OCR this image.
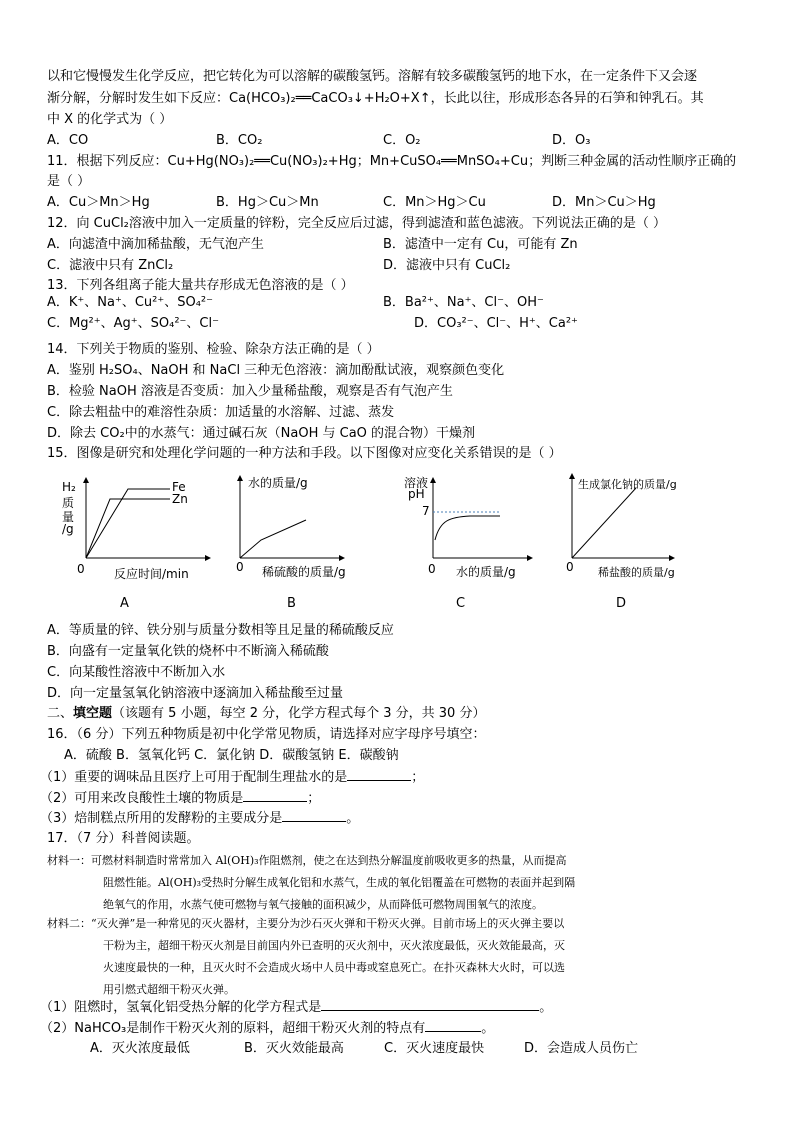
以和它慢慢发生化学反应，把它转化为可以溶解的碳酸氢钙。溶解有较多碳酸氢钙的地下水，在一定条件下又会逐
渐分解，分解时发生如下反应：Ca(HCO₃)₂══CaCO₃↓+H₂O+X↑，长此以往，形成形态各异的石笋和钟乳石。其
中 X 的化学式为（ ）
A．CO	B．CO₂	C．O₂	D．O₃
11．根据下列反应：Cu+Hg(NO₃)₂══Cu(NO₃)₂+Hg；Mn+CuSO₄══MnSO₄+Cu；判断三种金属的活动性顺序正确的
是（ ）
A．Cu＞Mn＞Hg	B．Hg＞Cu＞Mn	C．Mn＞Hg＞Cu	D．Mn＞Cu＞Hg
12．向 CuCl₂溶液中加入一定质量的锌粉，完全反应后过滤，得到滤渣和蓝色滤液。下列说法正确的是（ ）
A．向滤渣中滴加稀盐酸，无气泡产生	B．滤渣中一定有 Cu，可能有 Zn
C．滤液中只有 ZnCl₂	D．滤液中只有 CuCl₂
13．下列各组离子能大量共存形成无色溶液的是（ ）
A．K⁺、Na⁺、Cu²⁺、SO₄²⁻	B．Ba²⁺、Na⁺、Cl⁻、OH⁻
C．Mg²⁺、Ag⁺、SO₄²⁻、Cl⁻	D．CO₃²⁻、Cl⁻、H⁺、Ca²⁺
14．下列关于物质的鉴别、检验、除杂方法正确的是（ ）
A．鉴别 H₂SO₄、NaOH 和 NaCl 三种无色溶液：滴加酚酞试液，观察颜色变化
B．检验 NaOH 溶液是否变质：加入少量稀盐酸，观察是否有气泡产生
C．除去粗盐中的难溶性杂质：加适量的水溶解、过滤、蒸发
D．除去 CO₂中的水蒸气：通过碱石灰（NaOH 与 CaO 的混合物）干燥剂
15．图像是研究和处理化学问题的一种方法和手段。以下图像对应变化关系错误的是（ ）
H₂
质
量
/g
Fe
Zn
0 反应时间/min
A
水的质量/g
0 稀硫酸的质量/g
B
溶液
pH
7
0 水的质量/g
C
生成氯化钠的质量/g
0 稀盐酸的质量/g
D
A．等质量的锌、铁分别与质量分数相等且足量的稀硫酸反应
B．向盛有一定量氧化铁的烧杯中不断滴入稀硫酸
C．向某酸性溶液中不断加入水
D．向一定量氢氧化钠溶液中逐滴加入稀盐酸至过量
二、填空题（该题有 5 小题，每空 2 分，化学方程式每个 3 分，共 30 分）
16．（6 分）下列五种物质是初中化学常见物质，请选择对应字母序号填空：
A．硫酸 B．氢氧化钙 C．氯化钠 D．碳酸氢钠 E．碳酸钠
（1）重要的调味品且医疗上可用于配制生理盐水的是	；
（2）可用来改良酸性土壤的物质是	；
（3）焙制糕点所用的发酵粉的主要成分是	。
17．（7 分）科普阅读题。
材料一：可燃材料制造时常常加入 Al(OH)₃作阻燃剂，使之在达到热分解温度前吸收更多的热量，从而提高
阻燃性能。Al(OH)₃受热时分解生成氧化铝和水蒸气，生成的氧化铝覆盖在可燃物的表面并起到隔
绝氧气的作用，水蒸气使可燃物与氧气接触的面积减少，从而降低可燃物周围氧气的浓度。
材料二：“灭火弹”是一种常见的灭火器材，主要分为沙石灭火弹和干粉灭火弹。目前市场上的灭火弹主要以
干粉为主，超细干粉灭火剂是目前国内外已查明的灭火剂中，灭火浓度最低，灭火效能最高，灭
火速度最快的一种，且灭火时不会造成火场中人员中毒或窒息死亡。在扑灭森林大火时，可以选
用引燃式超细干粉灭火弹。
（1）阻燃时，氢氧化铝受热分解的化学方程式是	。
（2）NaHCO₃是制作干粉灭火剂的原料，超细干粉灭火剂的特点有	。
A．灭火浓度最低	B．灭火效能最高	C．灭火速度最快	D．会造成人员伤亡
